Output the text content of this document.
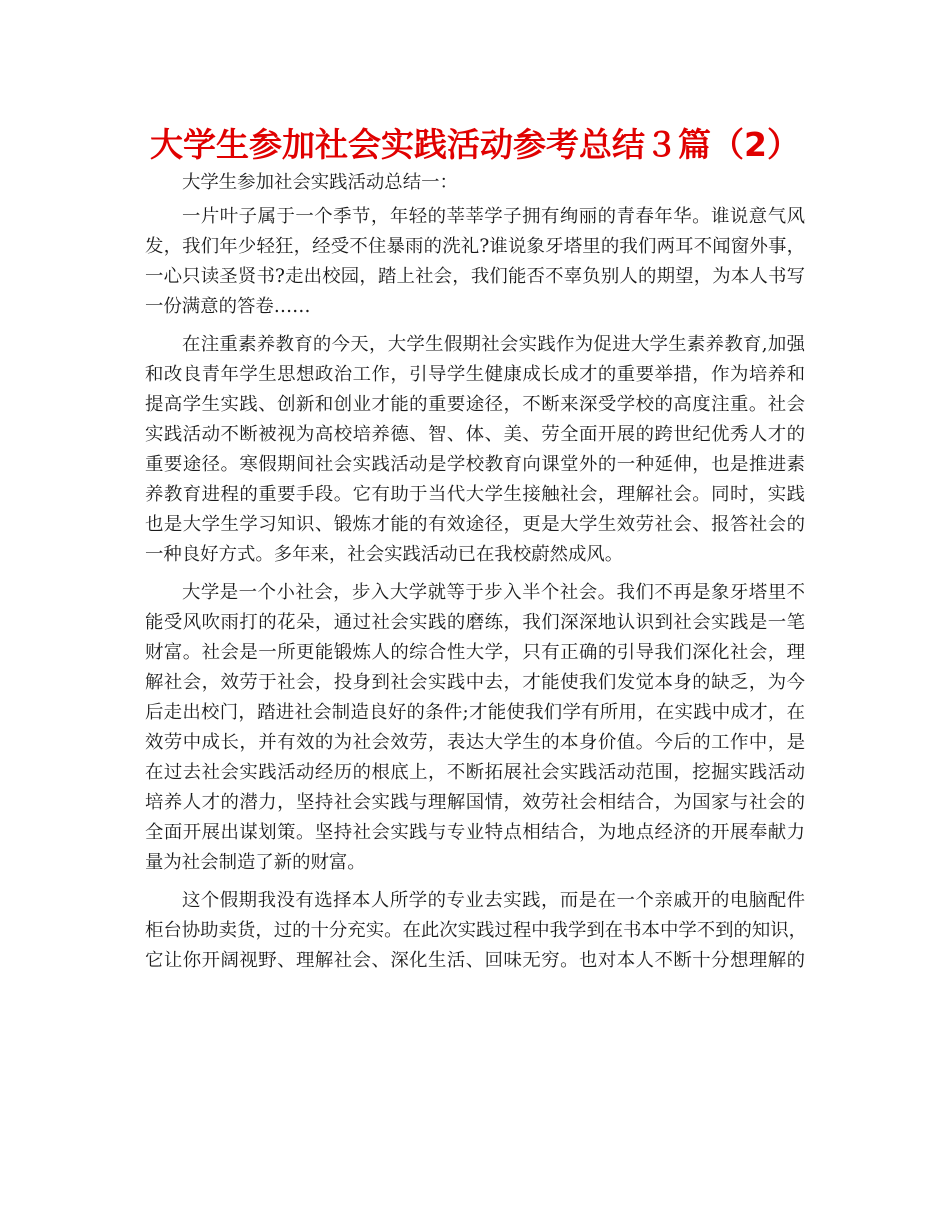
大学生参加社会实践活动参考总结３篇（2）
大学生参加社会实践活动总结一：
一片叶子属于一个季节，年轻的莘莘学子拥有绚丽的青春年华。谁说意气风
发，我们年少轻狂，经受不住暴雨的洗礼?谁说象牙塔里的我们两耳不闻窗外事，
一心只读圣贤书?走出校园，踏上社会，我们能否不辜负别人的期望，为本人书写
一份满意的答卷……
在注重素养教育的今天，大学生假期社会实践作为促进大学生素养教育,加强
和改良青年学生思想政治工作，引导学生健康成长成才的重要举措，作为培养和
提高学生实践、创新和创业才能的重要途径，不断来深受学校的高度注重。社会
实践活动不断被视为高校培养德、智、体、美、劳全面开展的跨世纪优秀人才的
重要途径。寒假期间社会实践活动是学校教育向课堂外的一种延伸，也是推进素
养教育进程的重要手段。它有助于当代大学生接触社会，理解社会。同时，实践
也是大学生学习知识、锻炼才能的有效途径，更是大学生效劳社会、报答社会的
一种良好方式。多年来，社会实践活动已在我校蔚然成风。
大学是一个小社会，步入大学就等于步入半个社会。我们不再是象牙塔里不
能受风吹雨打的花朵，通过社会实践的磨练，我们深深地认识到社会实践是一笔
财富。社会是一所更能锻炼人的综合性大学，只有正确的引导我们深化社会，理
解社会，效劳于社会，投身到社会实践中去，才能使我们发觉本身的缺乏，为今
后走出校门，踏进社会制造良好的条件;才能使我们学有所用，在实践中成才，在
效劳中成长，并有效的为社会效劳，表达大学生的本身价值。今后的工作中，是
在过去社会实践活动经历的根底上，不断拓展社会实践活动范围，挖掘实践活动
培养人才的潜力，坚持社会实践与理解国情，效劳社会相结合，为国家与社会的
全面开展出谋划策。坚持社会实践与专业特点相结合，为地点经济的开展奉献力
量为社会制造了新的财富。
这个假期我没有选择本人所学的专业去实践，而是在一个亲戚开的电脑配件
柜台协助卖货，过的十分充实。在此次实践过程中我学到在书本中学不到的知识，
它让你开阔视野、理解社会、深化生活、回味无穷。也对本人不断十分想理解的
